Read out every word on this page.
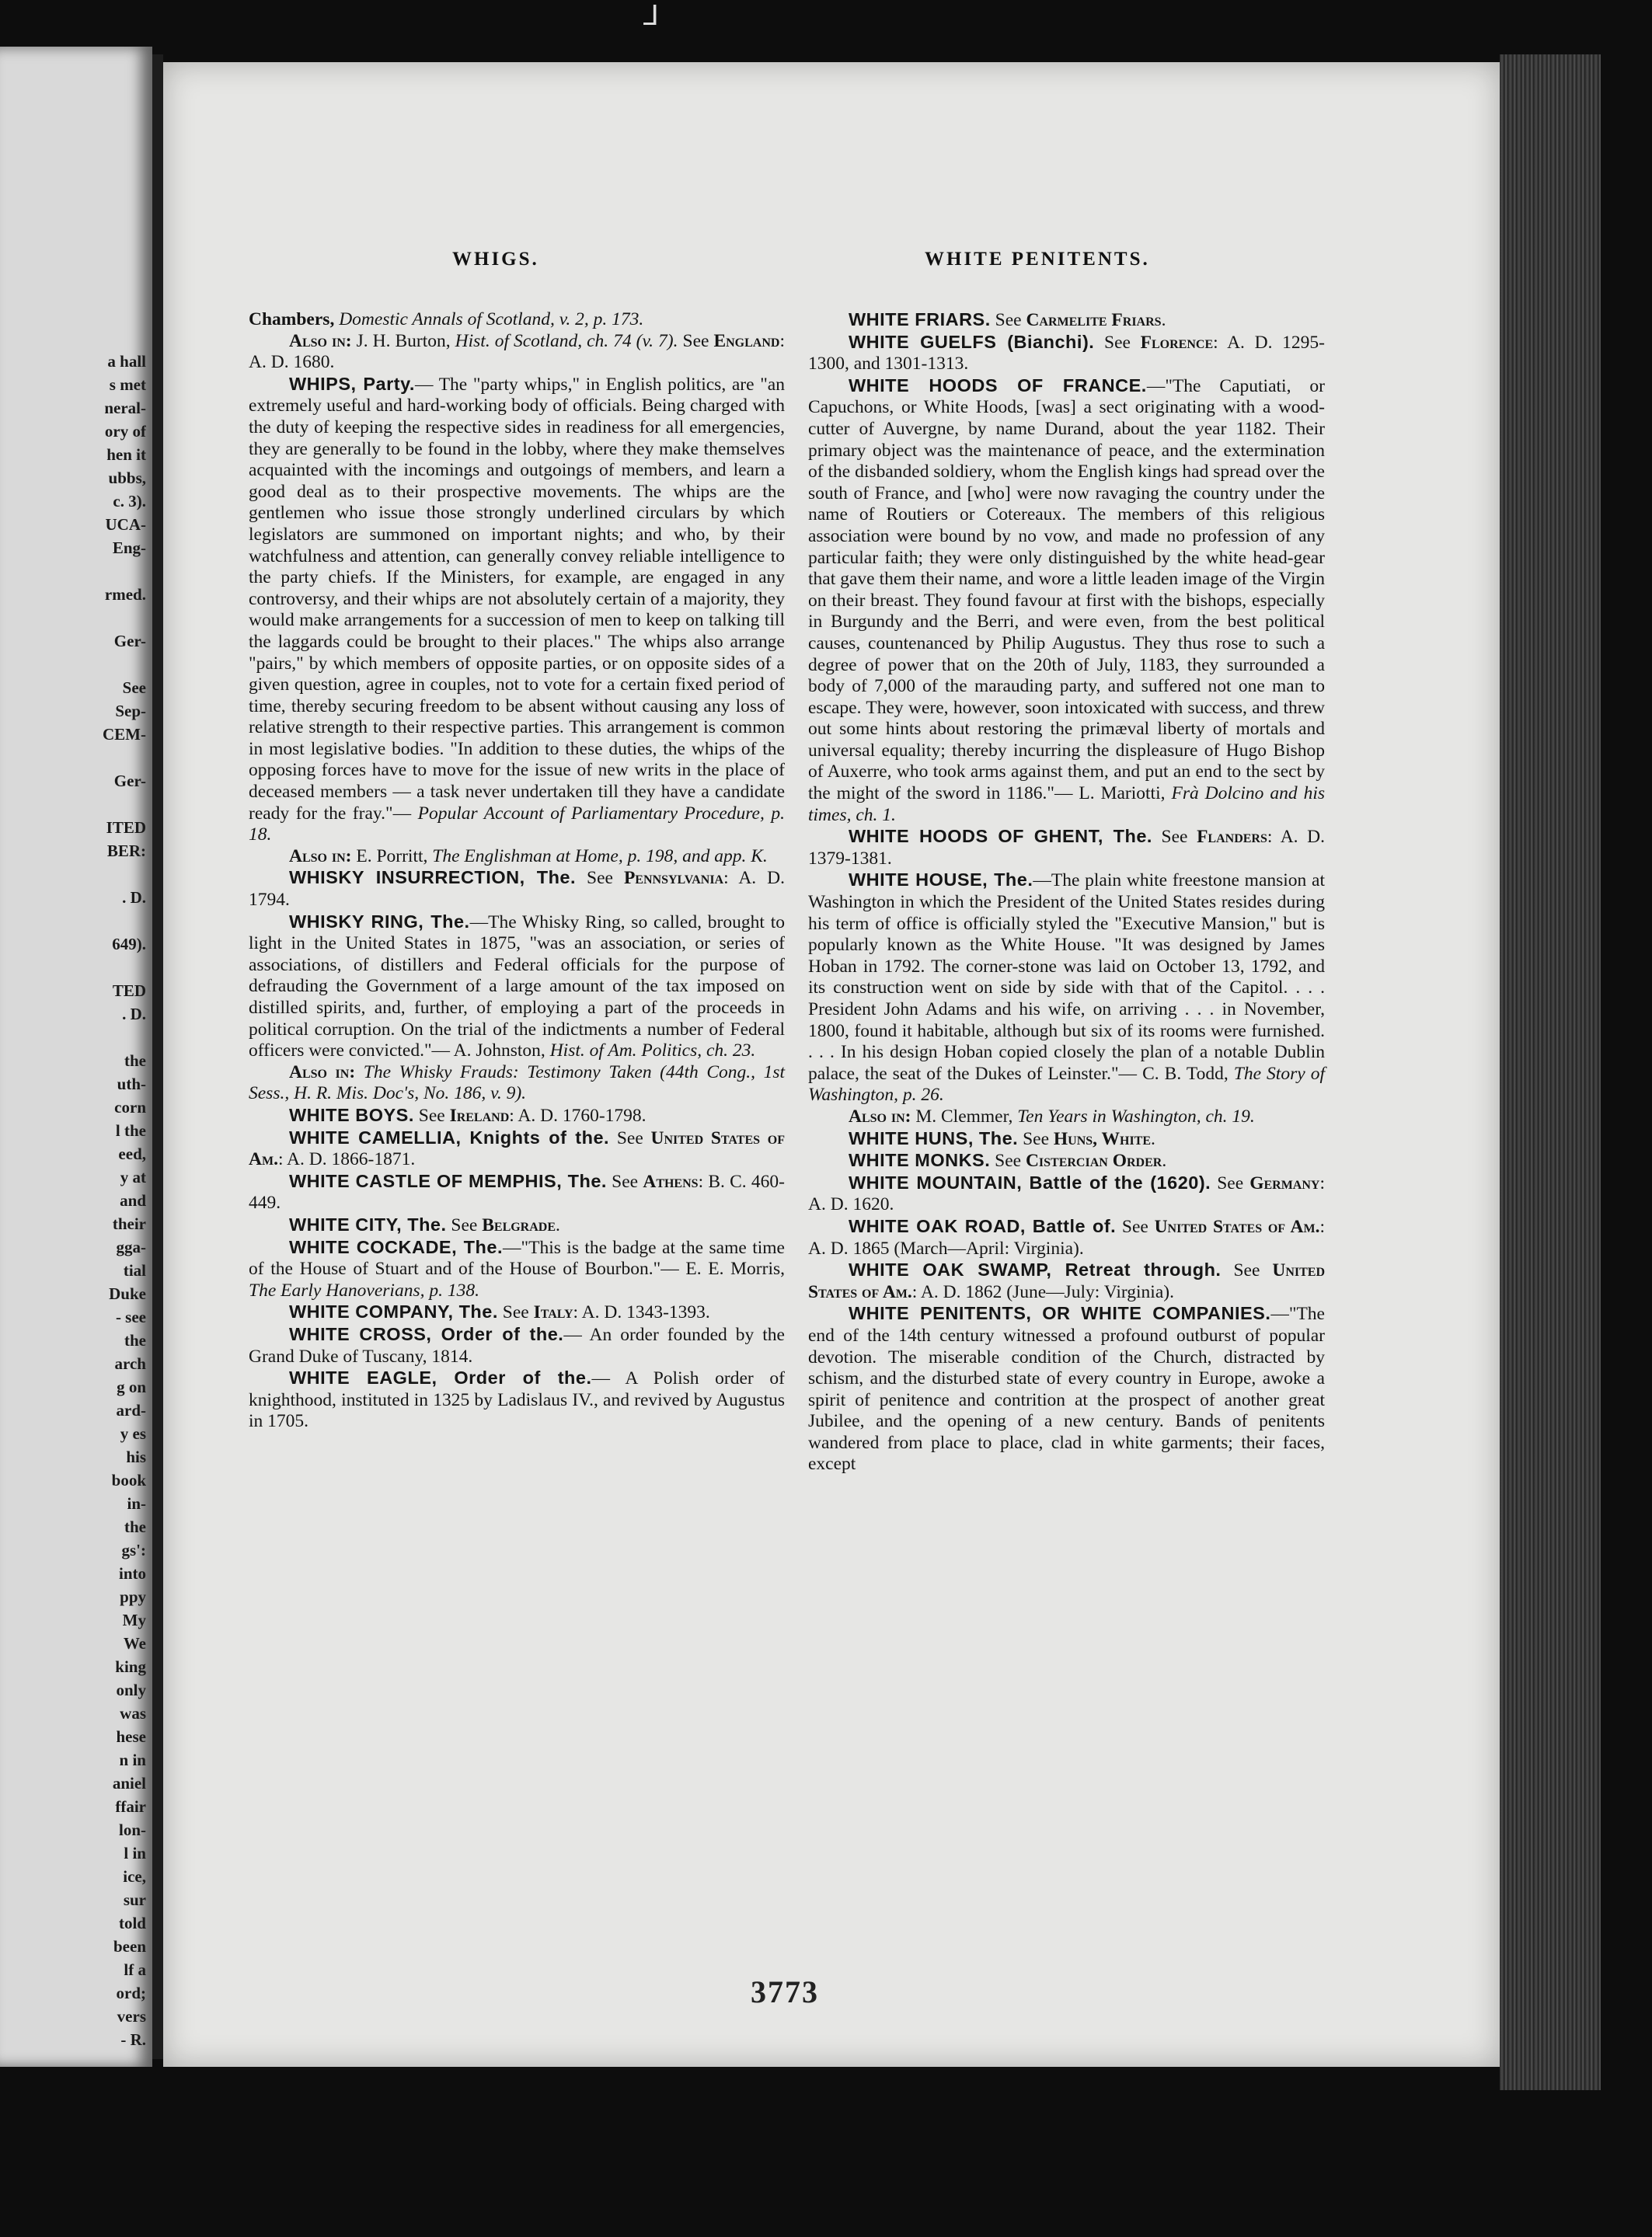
ᒧ
a hall
s met
neral-
ory of
hen it
ubbs,
c. 3).
UCA-
Eng-

rmed.

Ger-

See
Sep-
CEM-

Ger-

ITED
BER:

. D.

649).

TED
. D.

the
uth-
corn
l the
eed,
y at
and
their
gga-
tial
Duke
- see
the
arch
g on
ard-
y es
his
book
in-
the
gs':
into
ppy
My
We
king
only
was
hese
n in
aniel
ffair
lon-
l in
ice,
sur
told
been
lf a
ord;
vers
- R.
WHIGS.	WHITE PENITENTS.

Chambers, Domestic Annals of Scotland, v. 2, p. 173.

Also in: J. H. Burton, Hist. of Scotland, ch. 74 (v. 7). See England: A. D. 1680.

WHIPS, Party.— The "party whips," in English politics, are "an extremely useful and hard-working body of officials. Being charged with the duty of keeping the respective sides in readiness for all emergencies, they are generally to be found in the lobby, where they make themselves acquainted with the incomings and outgoings of members, and learn a good deal as to their prospective movements. The whips are the gentlemen who issue those strongly underlined circulars by which legislators are summoned on important nights; and who, by their watchfulness and attention, can generally convey reliable intelligence to the party chiefs. If the Ministers, for example, are engaged in any controversy, and their whips are not absolutely certain of a majority, they would make arrangements for a succession of men to keep on talking till the laggards could be brought to their places." The whips also arrange "pairs," by which members of opposite parties, or on opposite sides of a given question, agree in couples, not to vote for a certain fixed period of time, thereby securing freedom to be absent without causing any loss of relative strength to their respective parties. This arrangement is common in most legislative bodies. "In addition to these duties, the whips of the opposing forces have to move for the issue of new writs in the place of deceased members — a task never undertaken till they have a candidate ready for the fray."— Popular Account of Parliamentary Procedure, p. 18.

Also in: E. Porritt, The Englishman at Home, p. 198, and app. K.

WHISKY INSURRECTION, The. See Pennsylvania: A. D. 1794.

WHISKY RING, The.—The Whisky Ring, so called, brought to light in the United States in 1875, "was an association, or series of associations, of distillers and Federal officials for the purpose of defrauding the Government of a large amount of the tax imposed on distilled spirits, and, further, of employing a part of the proceeds in political corruption. On the trial of the indictments a number of Federal officers were convicted."— A. Johnston, Hist. of Am. Politics, ch. 23.

Also in: The Whisky Frauds: Testimony Taken (44th Cong., 1st Sess., H. R. Mis. Doc's, No. 186, v. 9).

WHITE BOYS. See Ireland: A. D. 1760-1798.

WHITE CAMELLIA, Knights of the. See United States of Am.: A. D. 1866-1871.

WHITE CASTLE OF MEMPHIS, The. See Athens: B. C. 460-449.

WHITE CITY, The. See Belgrade.

WHITE COCKADE, The.—"This is the badge at the same time of the House of Stuart and of the House of Bourbon."— E. E. Morris, The Early Hanoverians, p. 138.

WHITE COMPANY, The. See Italy: A. D. 1343-1393.

WHITE CROSS, Order of the.— An order founded by the Grand Duke of Tuscany, 1814.

WHITE EAGLE, Order of the.— A Polish order of knighthood, instituted in 1325 by Ladislaus IV., and revived by Augustus in 1705.

WHITE FRIARS. See Carmelite Friars.

WHITE GUELFS (Bianchi). See Florence: A. D. 1295-1300, and 1301-1313.

WHITE HOODS OF FRANCE.—"The Caputiati, or Capuchons, or White Hoods, [was] a sect originating with a wood-cutter of Auvergne, by name Durand, about the year 1182. Their primary object was the maintenance of peace, and the extermination of the disbanded soldiery, whom the English kings had spread over the south of France, and [who] were now ravaging the country under the name of Routiers or Cotereaux. The members of this religious association were bound by no vow, and made no profession of any particular faith; they were only distinguished by the white head-gear that gave them their name, and wore a little leaden image of the Virgin on their breast. They found favour at first with the bishops, especially in Burgundy and the Berri, and were even, from the best political causes, countenanced by Philip Augustus. They thus rose to such a degree of power that on the 20th of July, 1183, they surrounded a body of 7,000 of the marauding party, and suffered not one man to escape. They were, however, soon intoxicated with success, and threw out some hints about restoring the primæval liberty of mortals and universal equality; thereby incurring the displeasure of Hugo Bishop of Auxerre, who took arms against them, and put an end to the sect by the might of the sword in 1186."— L. Mariotti, Frà Dolcino and his times, ch. 1.

WHITE HOODS OF GHENT, The. See Flanders: A. D. 1379-1381.

WHITE HOUSE, The.—The plain white freestone mansion at Washington in which the President of the United States resides during his term of office is officially styled the "Executive Mansion," but is popularly known as the White House. "It was designed by James Hoban in 1792. The corner-stone was laid on October 13, 1792, and its construction went on side by side with that of the Capitol. . . . President John Adams and his wife, on arriving . . . in November, 1800, found it habitable, although but six of its rooms were furnished. . . . In his design Hoban copied closely the plan of a notable Dublin palace, the seat of the Dukes of Leinster."— C. B. Todd, The Story of Washington, p. 26.

Also in: M. Clemmer, Ten Years in Washington, ch. 19.

WHITE HUNS, The. See Huns, White.

WHITE MONKS. See Cistercian Order.

WHITE MOUNTAIN, Battle of the (1620). See Germany: A. D. 1620.

WHITE OAK ROAD, Battle of. See United States of Am.: A. D. 1865 (March—April: Virginia).

WHITE OAK SWAMP, Retreat through. See United States of Am.: A. D. 1862 (June—July: Virginia).

WHITE PENITENTS, OR WHITE COMPANIES.—"The end of the 14th century witnessed a profound outburst of popular devotion. The miserable condition of the Church, distracted by schism, and the disturbed state of every country in Europe, awoke a spirit of penitence and contrition at the prospect of another great Jubilee, and the opening of a new century. Bands of penitents wandered from place to place, clad in white garments; their faces, except

3773
